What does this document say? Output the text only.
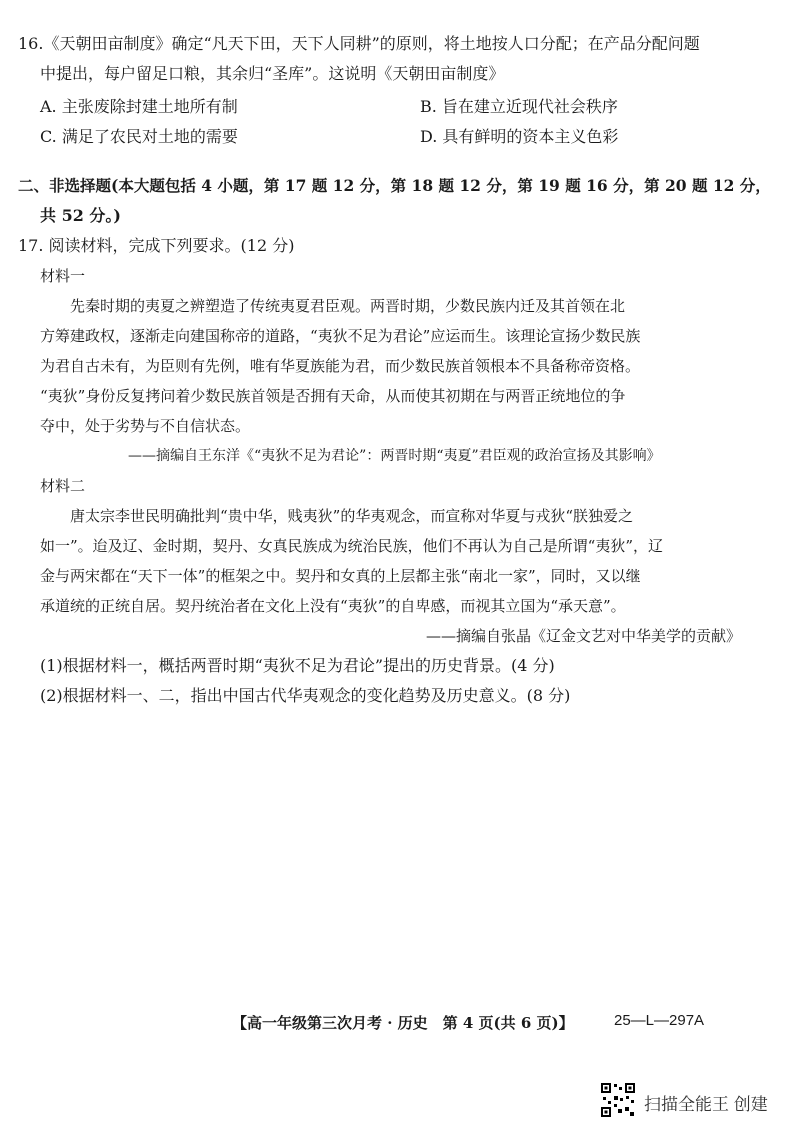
16.《天朝田亩制度》确定“凡天下田，天下人同耕”的原则，将土地按人口分配；在产品分配问题
中提出，每户留足口粮，其余归“圣库”。这说明《天朝田亩制度》
A. 主张废除封建土地所有制	B. 旨在建立近现代社会秩序
C. 满足了农民对土地的需要	D. 具有鲜明的资本主义色彩
二、非选择题(本大题包括 4 小题，第 17 题 12 分，第 18 题 12 分，第 19 题 16 分，第 20 题 12 分，
共 52 分。)
17. 阅读材料，完成下列要求。(12 分)
材料一
先秦时期的夷夏之辨塑造了传统夷夏君臣观。两晋时期，少数民族内迁及其首领在北
方筹建政权，逐渐走向建国称帝的道路，“夷狄不足为君论”应运而生。该理论宣扬少数民族
为君自古未有，为臣则有先例，唯有华夏族能为君，而少数民族首领根本不具备称帝资格。
“夷狄”身份反复拷问着少数民族首领是否拥有天命，从而使其初期在与两晋正统地位的争
夺中，处于劣势与不自信状态。
——摘编自王东洋《“夷狄不足为君论”：两晋时期“夷夏”君臣观的政治宣扬及其影响》
材料二
唐太宗李世民明确批判“贵中华，贱夷狄”的华夷观念，而宣称对华夏与戎狄“朕独爱之
如一”。迨及辽、金时期，契丹、女真民族成为统治民族，他们不再认为自己是所谓“夷狄”，辽
金与两宋都在“天下一体”的框架之中。契丹和女真的上层都主张“南北一家”，同时，又以继
承道统的正统自居。契丹统治者在文化上没有“夷狄”的自卑感，而视其立国为“承天意”。
——摘编自张晶《辽金文艺对中华美学的贡献》
(1)根据材料一，概括两晋时期“夷狄不足为君论”提出的历史背景。(4 分)
(2)根据材料一、二，指出中国古代华夷观念的变化趋势及历史意义。(8 分)
【高一年级第三次月考 · 历史　第 4 页(共 6 页)】	25—L—297A
扫描全能王 创建
